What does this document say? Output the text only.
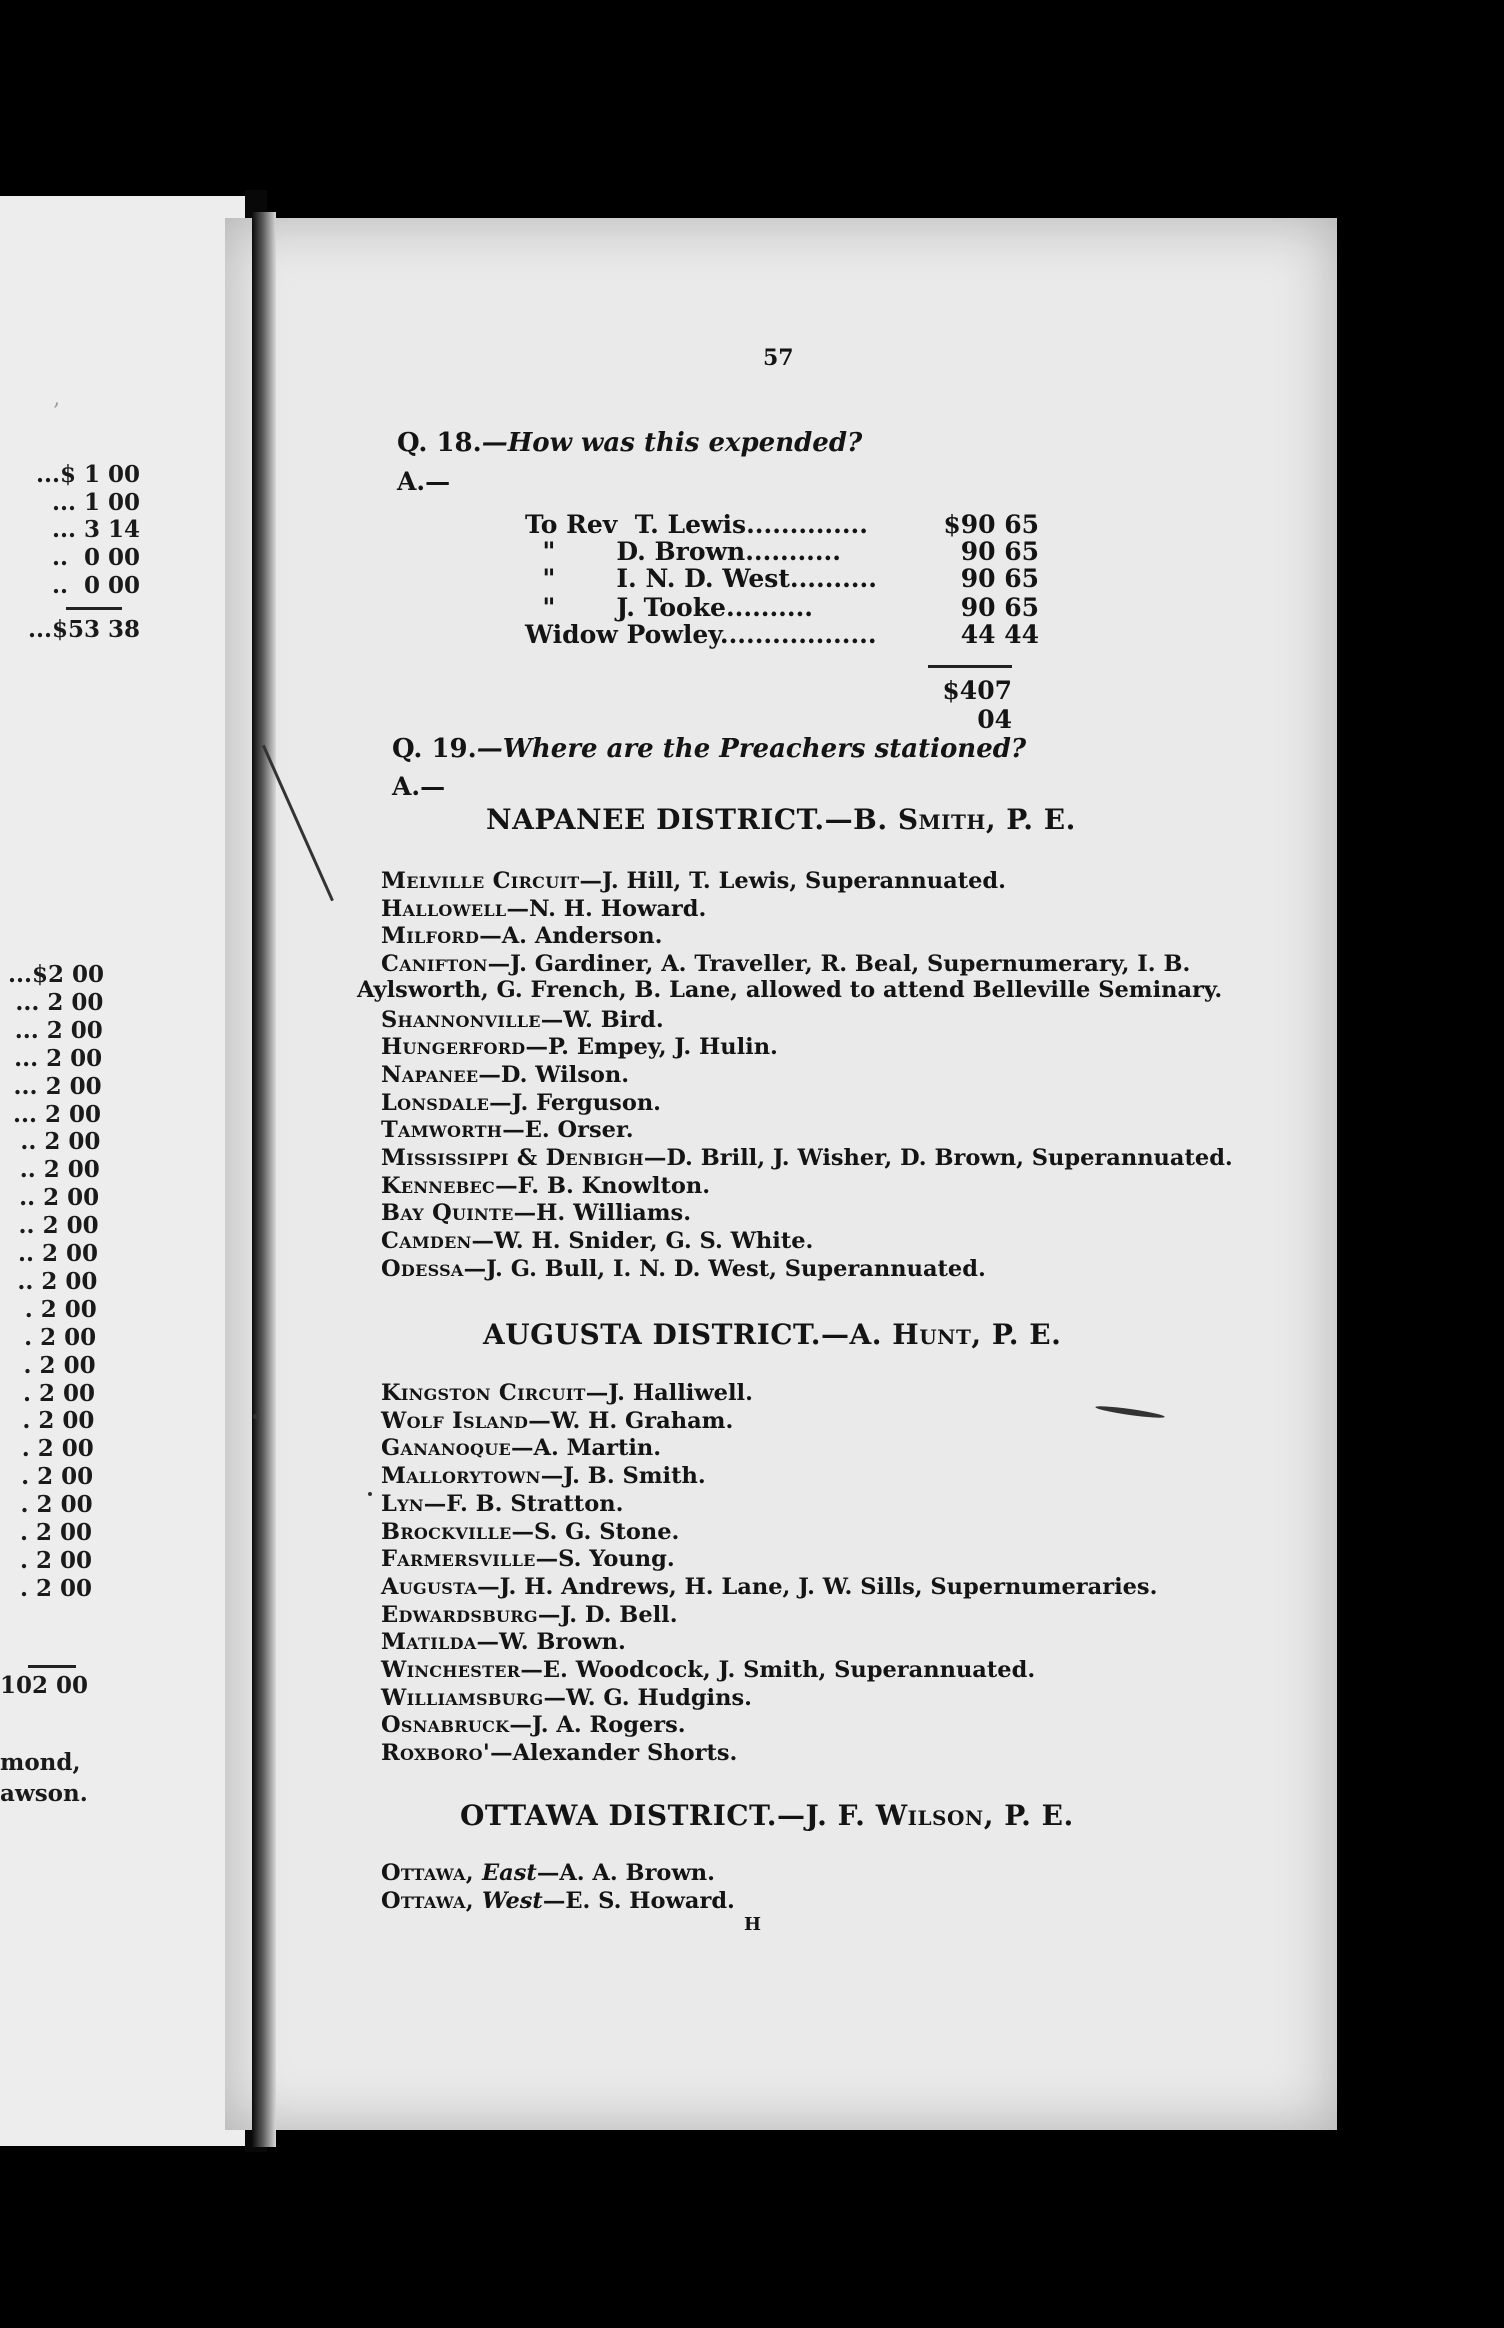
,
...$ 1 00
... 1 00
... 3 14
..  0 00
..  0 00
...$53 38
...$2 00
... 2 00
... 2 00
... 2 00
... 2 00
... 2 00
.. 2 00
.. 2 00
.. 2 00
.. 2 00
.. 2 00
.. 2 00
. 2 00
. 2 00
. 2 00
. 2 00
. 2 00
. 2 00
. 2 00
. 2 00
. 2 00
. 2 00
. 2 00
102 00
mond,
awson.
57
Q. 18.—How was this expended?
A.—
To Rev  T. Lewis..............	$90 65
"       D. Brown...........	90 65
"       I. N. D. West..........	90 65
"       J. Tooke..........	90 65
Widow Powley..................	44 44
$407 04
Q. 19.—Where are the Preachers stationed?
A.—
NAPANEE DISTRICT.—B. Smith, P. E.
AUGUSTA DISTRICT.—A. Hunt, P. E.
OTTAWA DISTRICT.—J. F. Wilson, P. E.
Melville Circuit—J. Hill, T. Lewis, Superannuated.
Hallowell—N. H. Howard.
Milford—A. Anderson.
Canifton—J. Gardiner, A. Traveller, R. Beal, Supernumerary, I. B.
Aylsworth, G. French, B. Lane, allowed to attend Belleville Seminary.
Shannonville—W. Bird.
Hungerford—P. Empey, J. Hulin.
Napanee—D. Wilson.
Lonsdale—J. Ferguson.
Tamworth—E. Orser.
Mississippi & Denbigh—D. Brill, J. Wisher, D. Brown, Superannuated.
Kennebec—F. B. Knowlton.
Bay Quinte—H. Williams.
Camden—W. H. Snider, G. S. White.
Odessa—J. G. Bull, I. N. D. West, Superannuated.
Kingston Circuit—J. Halliwell.
Wolf Island—W. H. Graham.
Gananoque—A. Martin.
Mallorytown—J. B. Smith.
Lyn—F. B. Stratton.
Brockville—S. G. Stone.
Farmersville—S. Young.
Augusta—J. H. Andrews, H. Lane, J. W. Sills, Supernumeraries.
Edwardsburg—J. D. Bell.
Matilda—W. Brown.
Winchester—E. Woodcock, J. Smith, Superannuated.
Williamsburg—W. G. Hudgins.
Osnabruck—J. A. Rogers.
Roxboro'—Alexander Shorts.
Ottawa, East—A. A. Brown.
Ottawa, West—E. S. Howard.
H
